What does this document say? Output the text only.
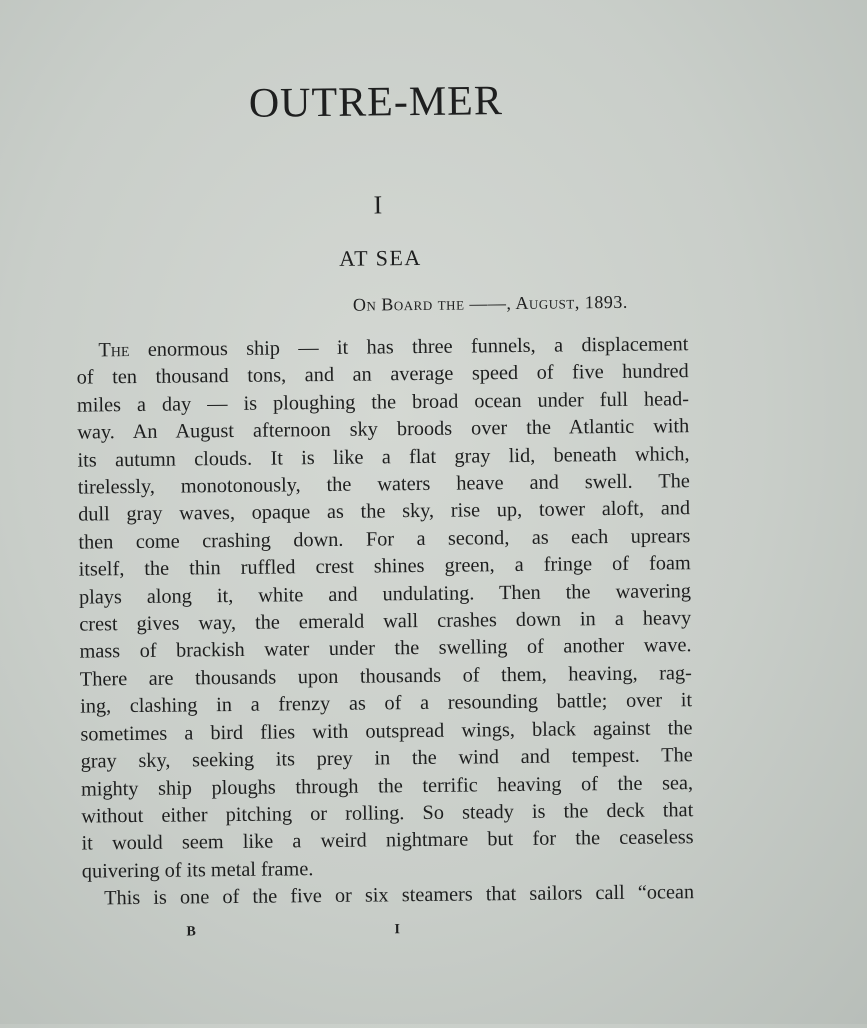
OUTRE-MER
I
AT SEA
On Board the ——, August, 1893.
The enormous ship — it has three funnels, a displacement
of ten thousand tons, and an average speed of five hundred
miles a day — is ploughing the broad ocean under full head-
way. An August afternoon sky broods over the Atlantic with
its autumn clouds. It is like a flat gray lid, beneath which,
tirelessly, monotonously, the waters heave and swell. The
dull gray waves, opaque as the sky, rise up, tower aloft, and
then come crashing down. For a second, as each uprears
itself, the thin ruffled crest shines green, a fringe of foam
plays along it, white and undulating. Then the wavering
crest gives way, the emerald wall crashes down in a heavy
mass of brackish water under the swelling of another wave.
There are thousands upon thousands of them, heaving, rag-
ing, clashing in a frenzy as of a resounding battle; over it
sometimes a bird flies with outspread wings, black against the
gray sky, seeking its prey in the wind and tempest. The
mighty ship ploughs through the terrific heaving of the sea,
without either pitching or rolling. So steady is the deck that
it would seem like a weird nightmare but for the ceaseless
quivering of its metal frame.
This is one of the five or six steamers that sailors call “ocean
B	I
